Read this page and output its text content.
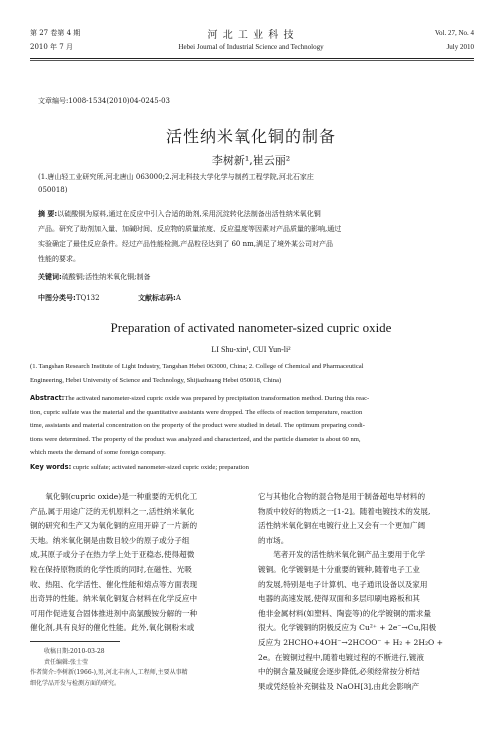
第 27 卷第 4 期
2010 年 7 月
河 北 工 业 科 技
Hebei Journal of Industrial Science and Technology
Vol. 27, No. 4
July 2010
文章编号:1008-1534(2010)04-0245-03
活性纳米氧化铜的制备
李树新¹,崔云丽²
(1.唐山轻工业研究所,河北唐山 063000;2.河北科技大学化学与制药工程学院,河北石家庄
050018)
摘 要:以硫酸铜为原料,通过在反应中引入合适的助剂,采用沉淀转化法制备出活性纳米氧化铜
产品。研究了助剂加入量、加碱时间、反应物的质量浓度、反应温度等因素对产品质量的影响,通过
实验确定了最佳反应条件。经过产品性能检测,产品粒径达到了 60 nm,满足了境外某公司对产品
性能的要求。
关键词:硫酸铜;活性纳米氧化铜;制备
中图分类号:TQ132	文献标志码:A
Preparation of activated nanometer-sized cupric oxide
LI Shu-xin¹, CUI Yun-li²
(1. Tangshan Research Institute of Light Industry, Tangshan Hebei 063000, China; 2. College of Chemical and Pharmaceutical
Engineering, Hebei University of Science and Technology, Shijiazhuang Hebei 050018, China)
Abstract:The activated nanometer-sized cupric oxide was prepared by precipitation transformation method. During this reac-
tion, cupric sulfate was the material and the quantitative assistants were dropped. The effects of reaction temperature, reaction
time, assistants and material concentration on the property of the product were studied in detail. The optimum preparing condi-
tions were determined. The property of the product was analyzed and characterized, and the particle diameter is about 60 nm,
which meets the demand of some foreign company.
Key words: cupric sulfate; activated nanometer-sized cupric oxide; preparation
氧化铜(cupric oxide)是一种重要的无机化工
产品,属于用途广泛的无机原料之一,活性纳米氧化
铜的研究和生产又为氧化铜的应用开辟了一片新的
天地。纳米氧化铜是由数目较少的原子或分子组
成,其原子或分子在热力学上处于亚稳态,使得超微
粒在保持原物质的化学性质的同时,在磁性、光吸
收、热阻、化学活性、催化性能和熔点等方面表现
出奇异的性能。纳米氧化铜复合材料在化学反应中
可用作促进复合固体推进剂中高氯酸铵分解的一种
催化剂,具有良好的催化性能。此外,氧化铜粉末或
收稿日期:2010-03-28
责任编辑:张士莹
作者简介:李树新(1966-),男,河北丰南人,工程师,主要从事精
细化学品开发与检测方面的研究。
它与其他化合物的混合物是用于制备超电导材料的
物质中较好的物质之一[1-2]。随着电镀技术的发展,
活性纳米氧化铜在电镀行业上又会有一个更加广阔
的市场。
笔者开发的活性纳米氧化铜产品主要用于化学
镀铜。化学镀铜是十分重要的镀种,随着电子工业
的发展,特别是电子计算机、电子通讯设备以及家用
电器的高速发展,使得双面和多层印刷电路板和其
他非金属材料(如塑料、陶瓷等)的化学镀铜的需求量
很大。化学镀铜的阴极反应为 Cu²⁺ + 2e⁻→Cu,阳极
反应为 2HCHO+4OH⁻→2HCOO⁻ + H₂ + 2H₂O +
2e。在镀铜过程中,随着电镀过程的不断进行,镀液
中的铜含量及碱度会逐步降低,必须经常按分析结
果或凭经验补充铜盐及 NaOH[3],由此会影响产
